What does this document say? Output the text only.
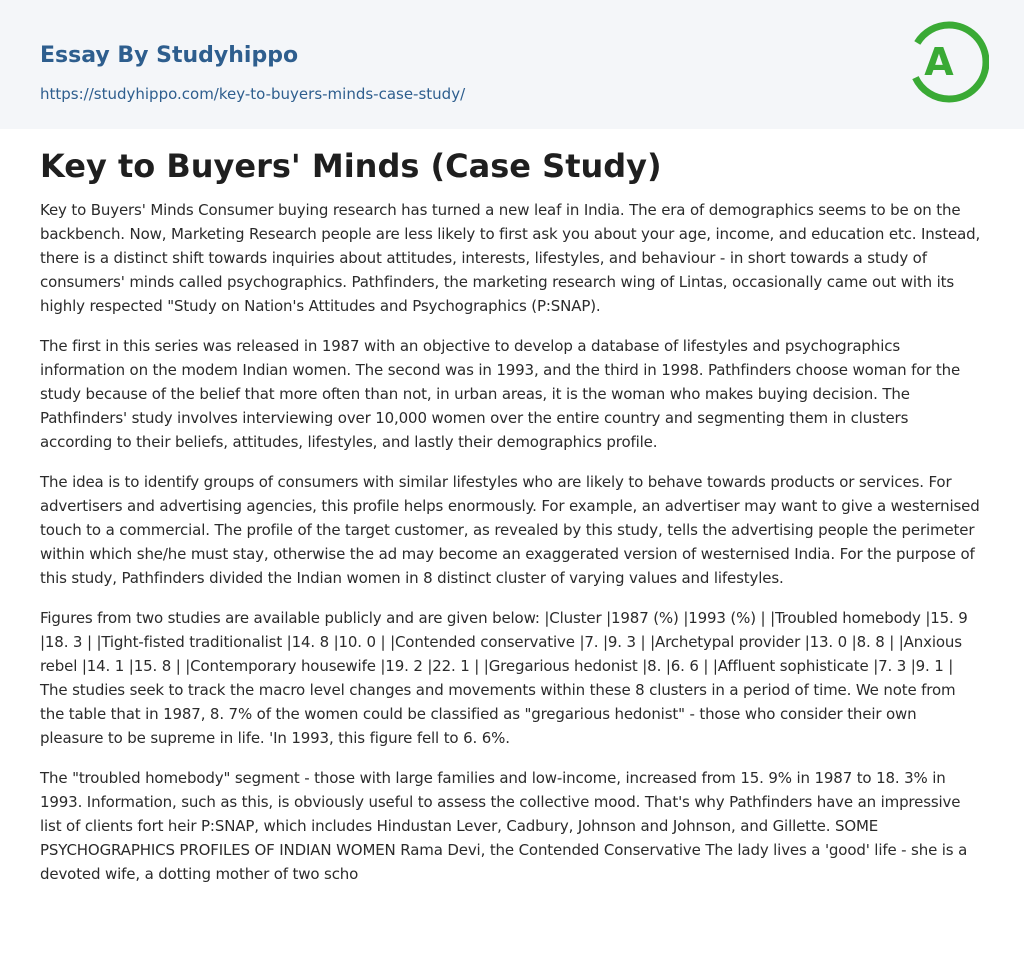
Essay By Studyhippo
https://studyhippo.com/key-to-buyers-minds-case-study/
A
Key to Buyers' Minds (Case Study)

Key to Buyers' Minds Consumer buying research has turned a new leaf in India. The era of demographics seems to be on the backbench. Now, Marketing Research people are less likely to first ask you about your age, income, and education etc. Instead, there is a distinct shift towards inquiries about attitudes, interests, lifestyles, and behaviour - in short towards a study of consumers' minds called psychographics. Pathfinders, the marketing research wing of Lintas, occasionally came out with its highly respected "Study on Nation's Attitudes and Psychographics (P:SNAP).

The first in this series was released in 1987 with an objective to develop a database of lifestyles and psychographics information on the modem Indian women. The second was in 1993, and the third in 1998. Pathfinders choose woman for the study because of the belief that more often than not, in urban areas, it is the woman who makes buying decision. The Pathfinders' study involves interviewing over 10,000 women over the entire country and segmenting them in clusters according to their beliefs, attitudes, lifestyles, and lastly their demographics profile.

The idea is to identify groups of consumers with similar lifestyles who are likely to behave towards products or services. For advertisers and advertising agencies, this profile helps enormously. For example, an advertiser may want to give a westernised touch to a commercial. The profile of the target customer, as revealed by this study, tells the advertising people the perimeter within which she/he must stay, otherwise the ad may become an exaggerated version of westernised India. For the purpose of this study, Pathfinders divided the Indian women in 8 distinct cluster of varying values and lifestyles.

Figures from two studies are available publicly and are given below: |Cluster |1987 (%) |1993 (%) | |Troubled homebody |15. 9 |18. 3 | |Tight-fisted traditionalist |14. 8 |10. 0 | |Contended conservative |7. |9. 3 | |Archetypal provider |13. 0 |8. 8 | |Anxious rebel |14. 1 |15. 8 | |Contemporary housewife |19. 2 |22. 1 | |Gregarious hedonist |8. |6. 6 | |Affluent sophisticate |7. 3 |9. 1 | The studies seek to track the macro level changes and movements within these 8 clusters in a period of time. We note from the table that in 1987, 8. 7% of the women could be classified as "gregarious hedonist" - those who consider their own pleasure to be supreme in life. 'In 1993, this figure fell to 6. 6%.

The "troubled homebody" segment - those with large families and low-income, increased from 15. 9% in 1987 to 18. 3% in 1993. Information, such as this, is obviously useful to assess the collective mood. That's why Pathfinders have an impressive list of clients fort heir P:SNAP, which includes Hindustan Lever, Cadbury, Johnson and Johnson, and Gillette. SOME PSYCHOGRAPHICS PROFILES OF INDIAN WOMEN Rama Devi, the Contended Conservative The lady lives a 'good' life - she is a devoted wife, a dotting mother of two scho
